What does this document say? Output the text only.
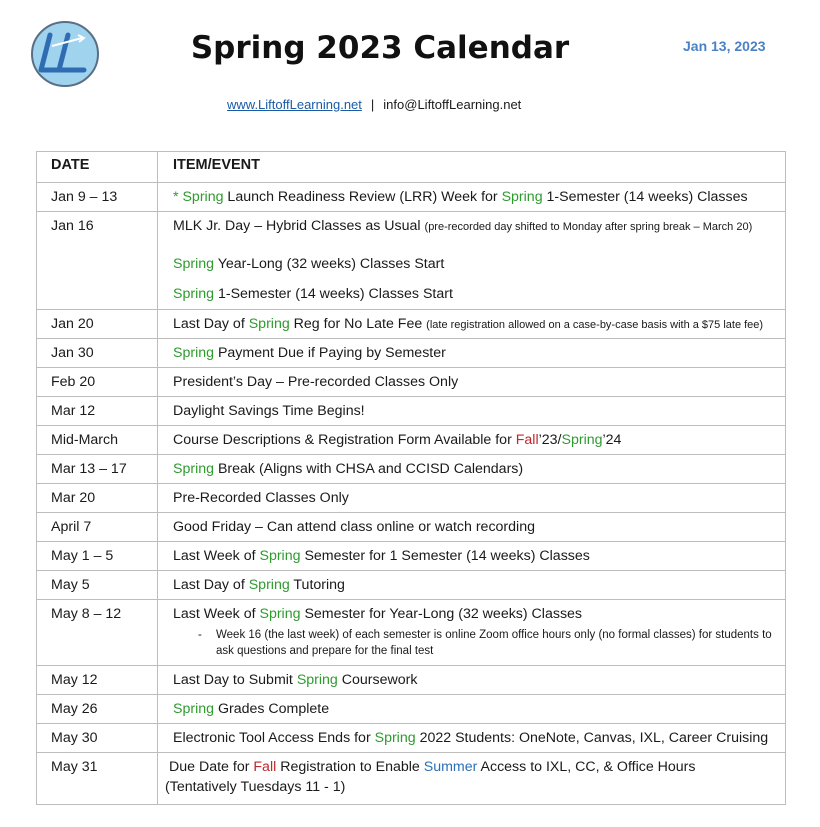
Spring 2023 Calendar	Jan 13, 2023
www.LiftoffLearning.net | info@LiftoffLearning.net
DATE	ITEM/EVENT
Jan 9 – 13	* Spring Launch Readiness Review (LRR) Week for Spring 1-Semester (14 weeks) Classes
Jan 16	MLK Jr. Day – Hybrid Classes as Usual (pre-recorded day shifted to Monday after spring break – March 20)
Spring Year-Long (32 weeks) Classes Start
Spring 1-Semester (14 weeks) Classes Start

Jan 20	Last Day of Spring Reg for No Late Fee (late registration allowed on a case-by-case basis with a $75 late fee)
Jan 30	Spring Payment Due if Paying by Semester
Feb 20	President’s Day – Pre-recorded Classes Only
Mar 12	Daylight Savings Time Begins!
Mid-March	Course Descriptions & Registration Form Available for Fall’23/Spring’24
Mar 13 – 17	Spring Break (Aligns with CHSA and CCISD Calendars)
Mar 20	Pre-Recorded Classes Only
April 7	Good Friday – Can attend class online or watch recording
May 1 – 5	Last Week of Spring Semester for 1 Semester (14 weeks) Classes
May 5	Last Day of Spring Tutoring
May 8 – 12	Last Week of Spring Semester for Year-Long (32 weeks) Classes
- Week 16 (the last week) of each semester is online Zoom office hours only (no formal classes) for students to ask questions and prepare for the final test

May 12	Last Day to Submit Spring Coursework
May 26	Spring Grades Complete
May 30	Electronic Tool Access Ends for Spring 2022 Students: OneNote, Canvas, IXL, Career Cruising
May 31	Due Date for Fall Registration to Enable Summer Access to IXL, CC, & Office Hours
(Tentatively Tuesdays 11 - 1)
